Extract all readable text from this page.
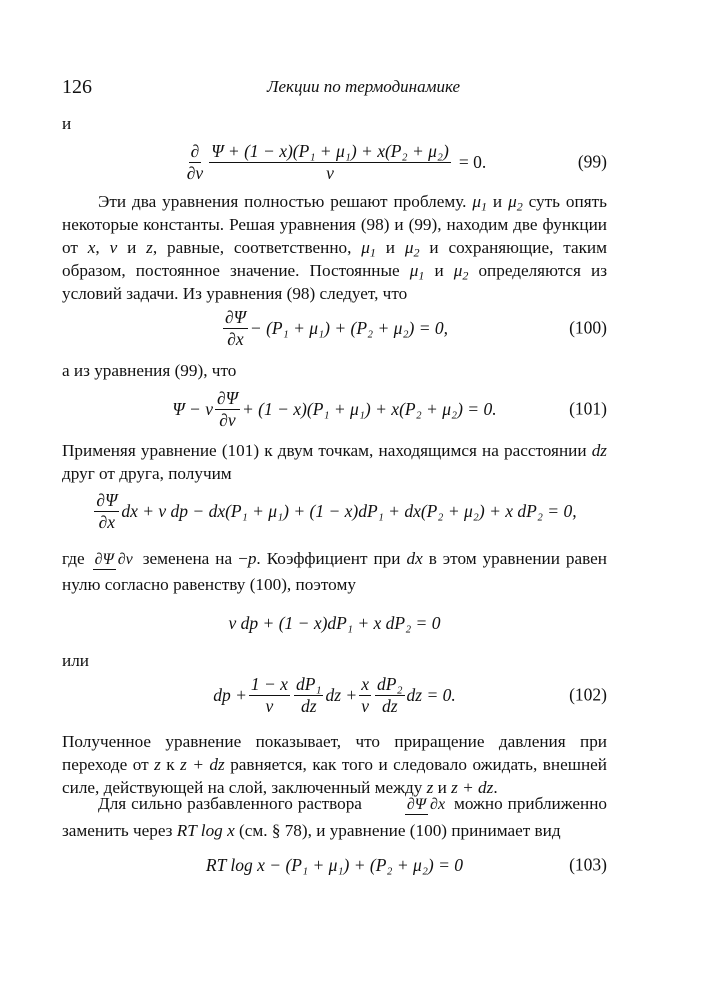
126	Лекции по термодинамике
и
$\frac{\partial}{\partial v} \frac{\text{Ψ + (1 − x)(P₁ + μ₁) + x(P₂ + μ₂)}}{v} = 0$.	(99)
Эти два уравнения полностью решают проблему. $\mu_1$ и $\mu_2$ суть опять некоторые константы. Решая уравнения (98) и (99), находим две функции от x, v и z, равные, соответственно, $\mu_1$ и $\mu_2$ и сохраняющие, таким образом, постоянное значение. Постоянные $\mu_1$ и $\mu_2$ определяются из условий задачи. Из уравнения (98) следует, что
$\frac{\partial\Psi}{\partial x} - (P_1 + \mu_1) + (P_2 + \mu_2) = 0$,	(100)
а из уравнения (99), что
Ψ − v $\frac{\partial\Psi}{\partial v} + (1 - x)(P_1 + \mu_1) + x(P_2 + \mu_2) = 0$.	(101)
Применяя уравнение (101) к двум точкам, находящимся на расстоянии dz друг от друга, получим
$\frac{\partial\Psi}{\partial x}$ dx + v dp − dx(P₁ + μ₁) + (1 − x)dP₁ + dx(P₂ + μ₂) + x dP₂ = 0,
где ∂Ψ ∂v земенена на −p. Коэффициент при dx в этом уравнении равен нулю согласно равенству (100), поэтому
v dp + (1 − x)dP₁ + x dP₂ = 0
или
dp + $\frac{1 - x}{v} \frac{\text{dP₁}}{dz}$ dz + $\frac{x}{v} \frac{\text{dP₂}}{dz}$ dz = 0.	(102)
Полученное уравнение показывает, что приращение давления при переходе от z к z + dz равняется, как того и следовало ожидать, внешней силе, действующей на слой, заключенный между z и z + dz.
Для сильно разбавленного раствора	∂Ψ ∂x можно приближенно заменить через RT log x (см. § 78), и уравнение (100) принимает вид
RT log x − (P₁ + μ₁) + (P₂ + μ₂) = 0	(103)
